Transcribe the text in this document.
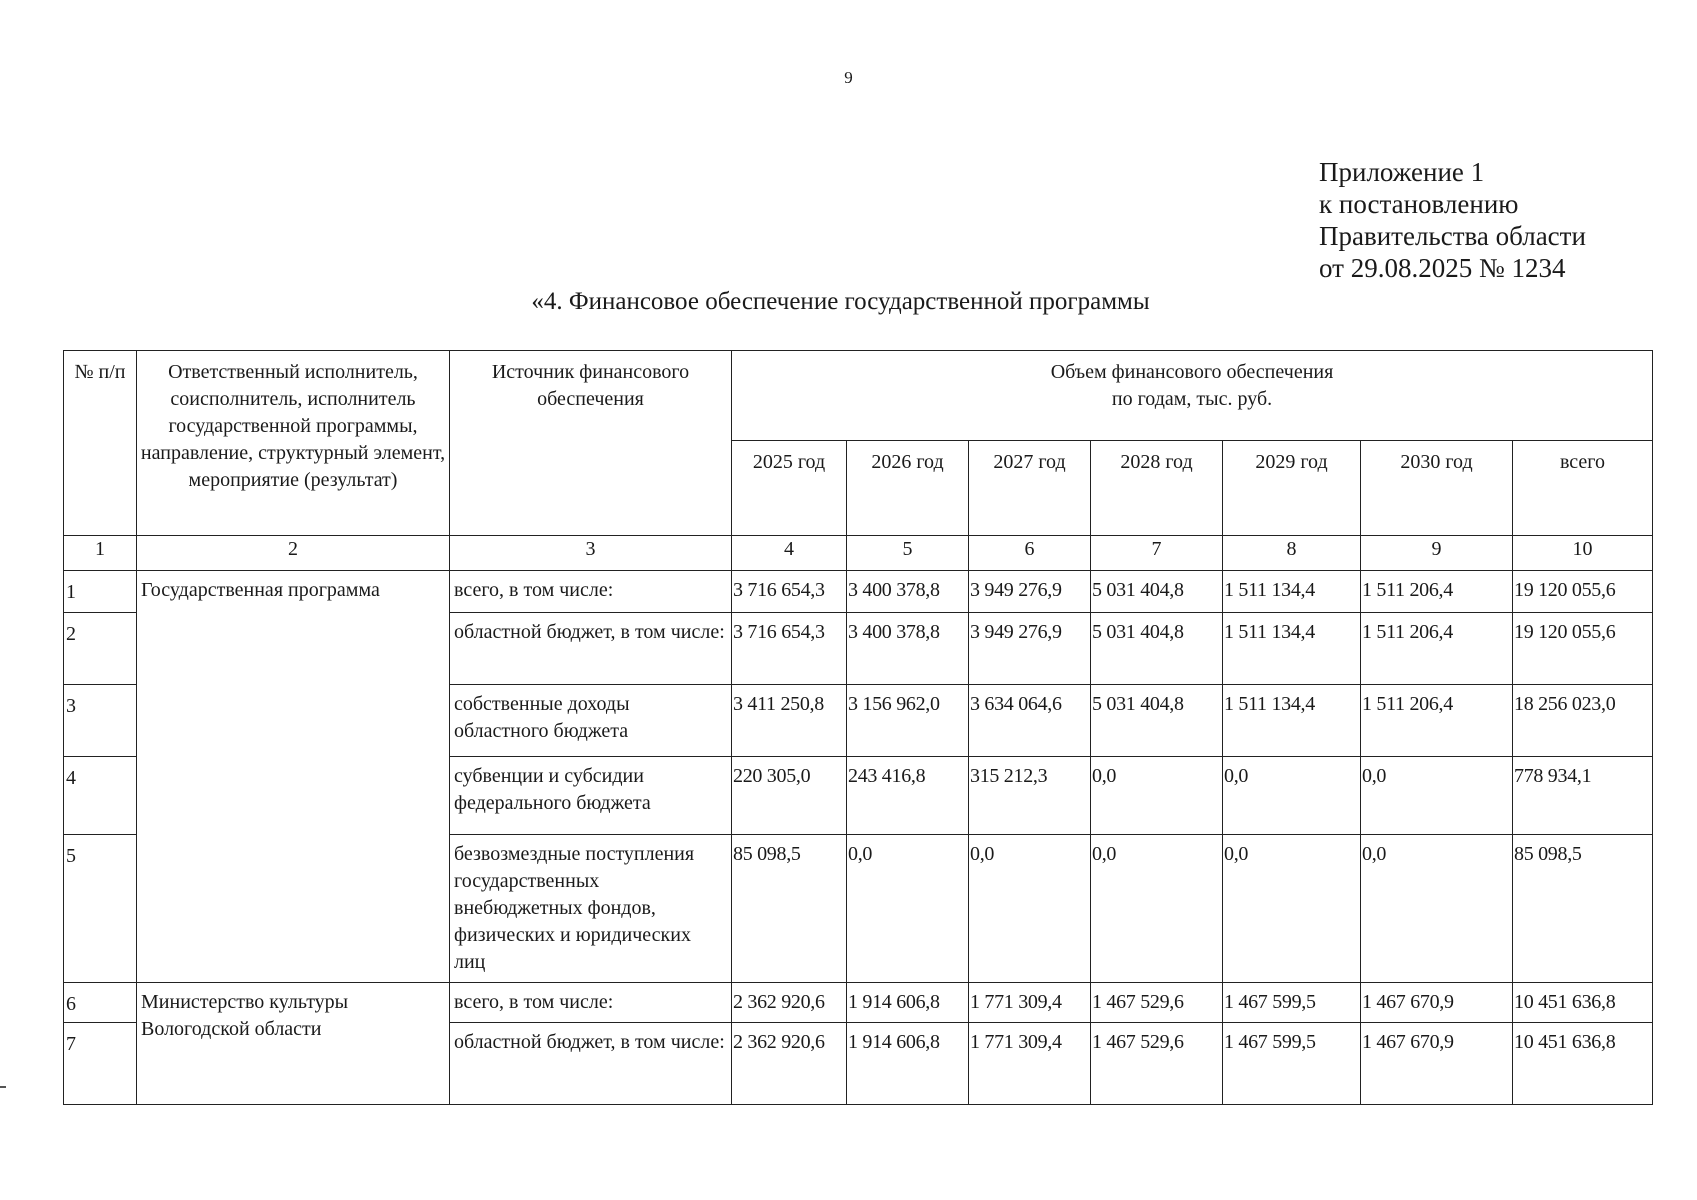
9
Приложение 1
к постановлению
Правительства области
от 29.08.2025 № 1234
«4. Финансовое обеспечение государственной программы
№ п/п	Ответственный исполнитель, соисполнитель, исполнитель государственной программы, направление, структурный элемент, мероприятие (результат)	Источник финансового обеспечения	Объем финансового обеспечения
по годам, тыс. руб.						

			2025 год	2026 год	2027 год	2028 год	2029 год	2030 год	всего
1	2	3	4	5	6	7	8	9	10
1	Государственная программа	всего, в том числе:	3 716 654,3	3 400 378,8	3 949 276,9	5 031 404,8	1 511 134,4	1 511 206,4	19 120 055,6
2		областной бюджет, в том числе:	3 716 654,3	3 400 378,8	3 949 276,9	5 031 404,8	1 511 134,4	1 511 206,4	19 120 055,6
3		собственные доходы областного бюджета	3 411 250,8	3 156 962,0	3 634 064,6	5 031 404,8	1 511 134,4	1 511 206,4	18 256 023,0
4		субвенции и субсидии федерального бюджета	220 305,0	243 416,8	315 212,3	0,0	0,0	0,0	778 934,1
5		безвозмездные поступления государственных внебюджетных фондов, физических и юридических лиц	85 098,5	0,0	0,0	0,0	0,0	0,0	85 098,5
6	Министерство культуры Вологодской области	всего, в том числе:	2 362 920,6	1 914 606,8	1 771 309,4	1 467 529,6	1 467 599,5	1 467 670,9	10 451 636,8
7		областной бюджет, в том числе:	2 362 920,6	1 914 606,8	1 771 309,4	1 467 529,6	1 467 599,5	1 467 670,9	10 451 636,8
